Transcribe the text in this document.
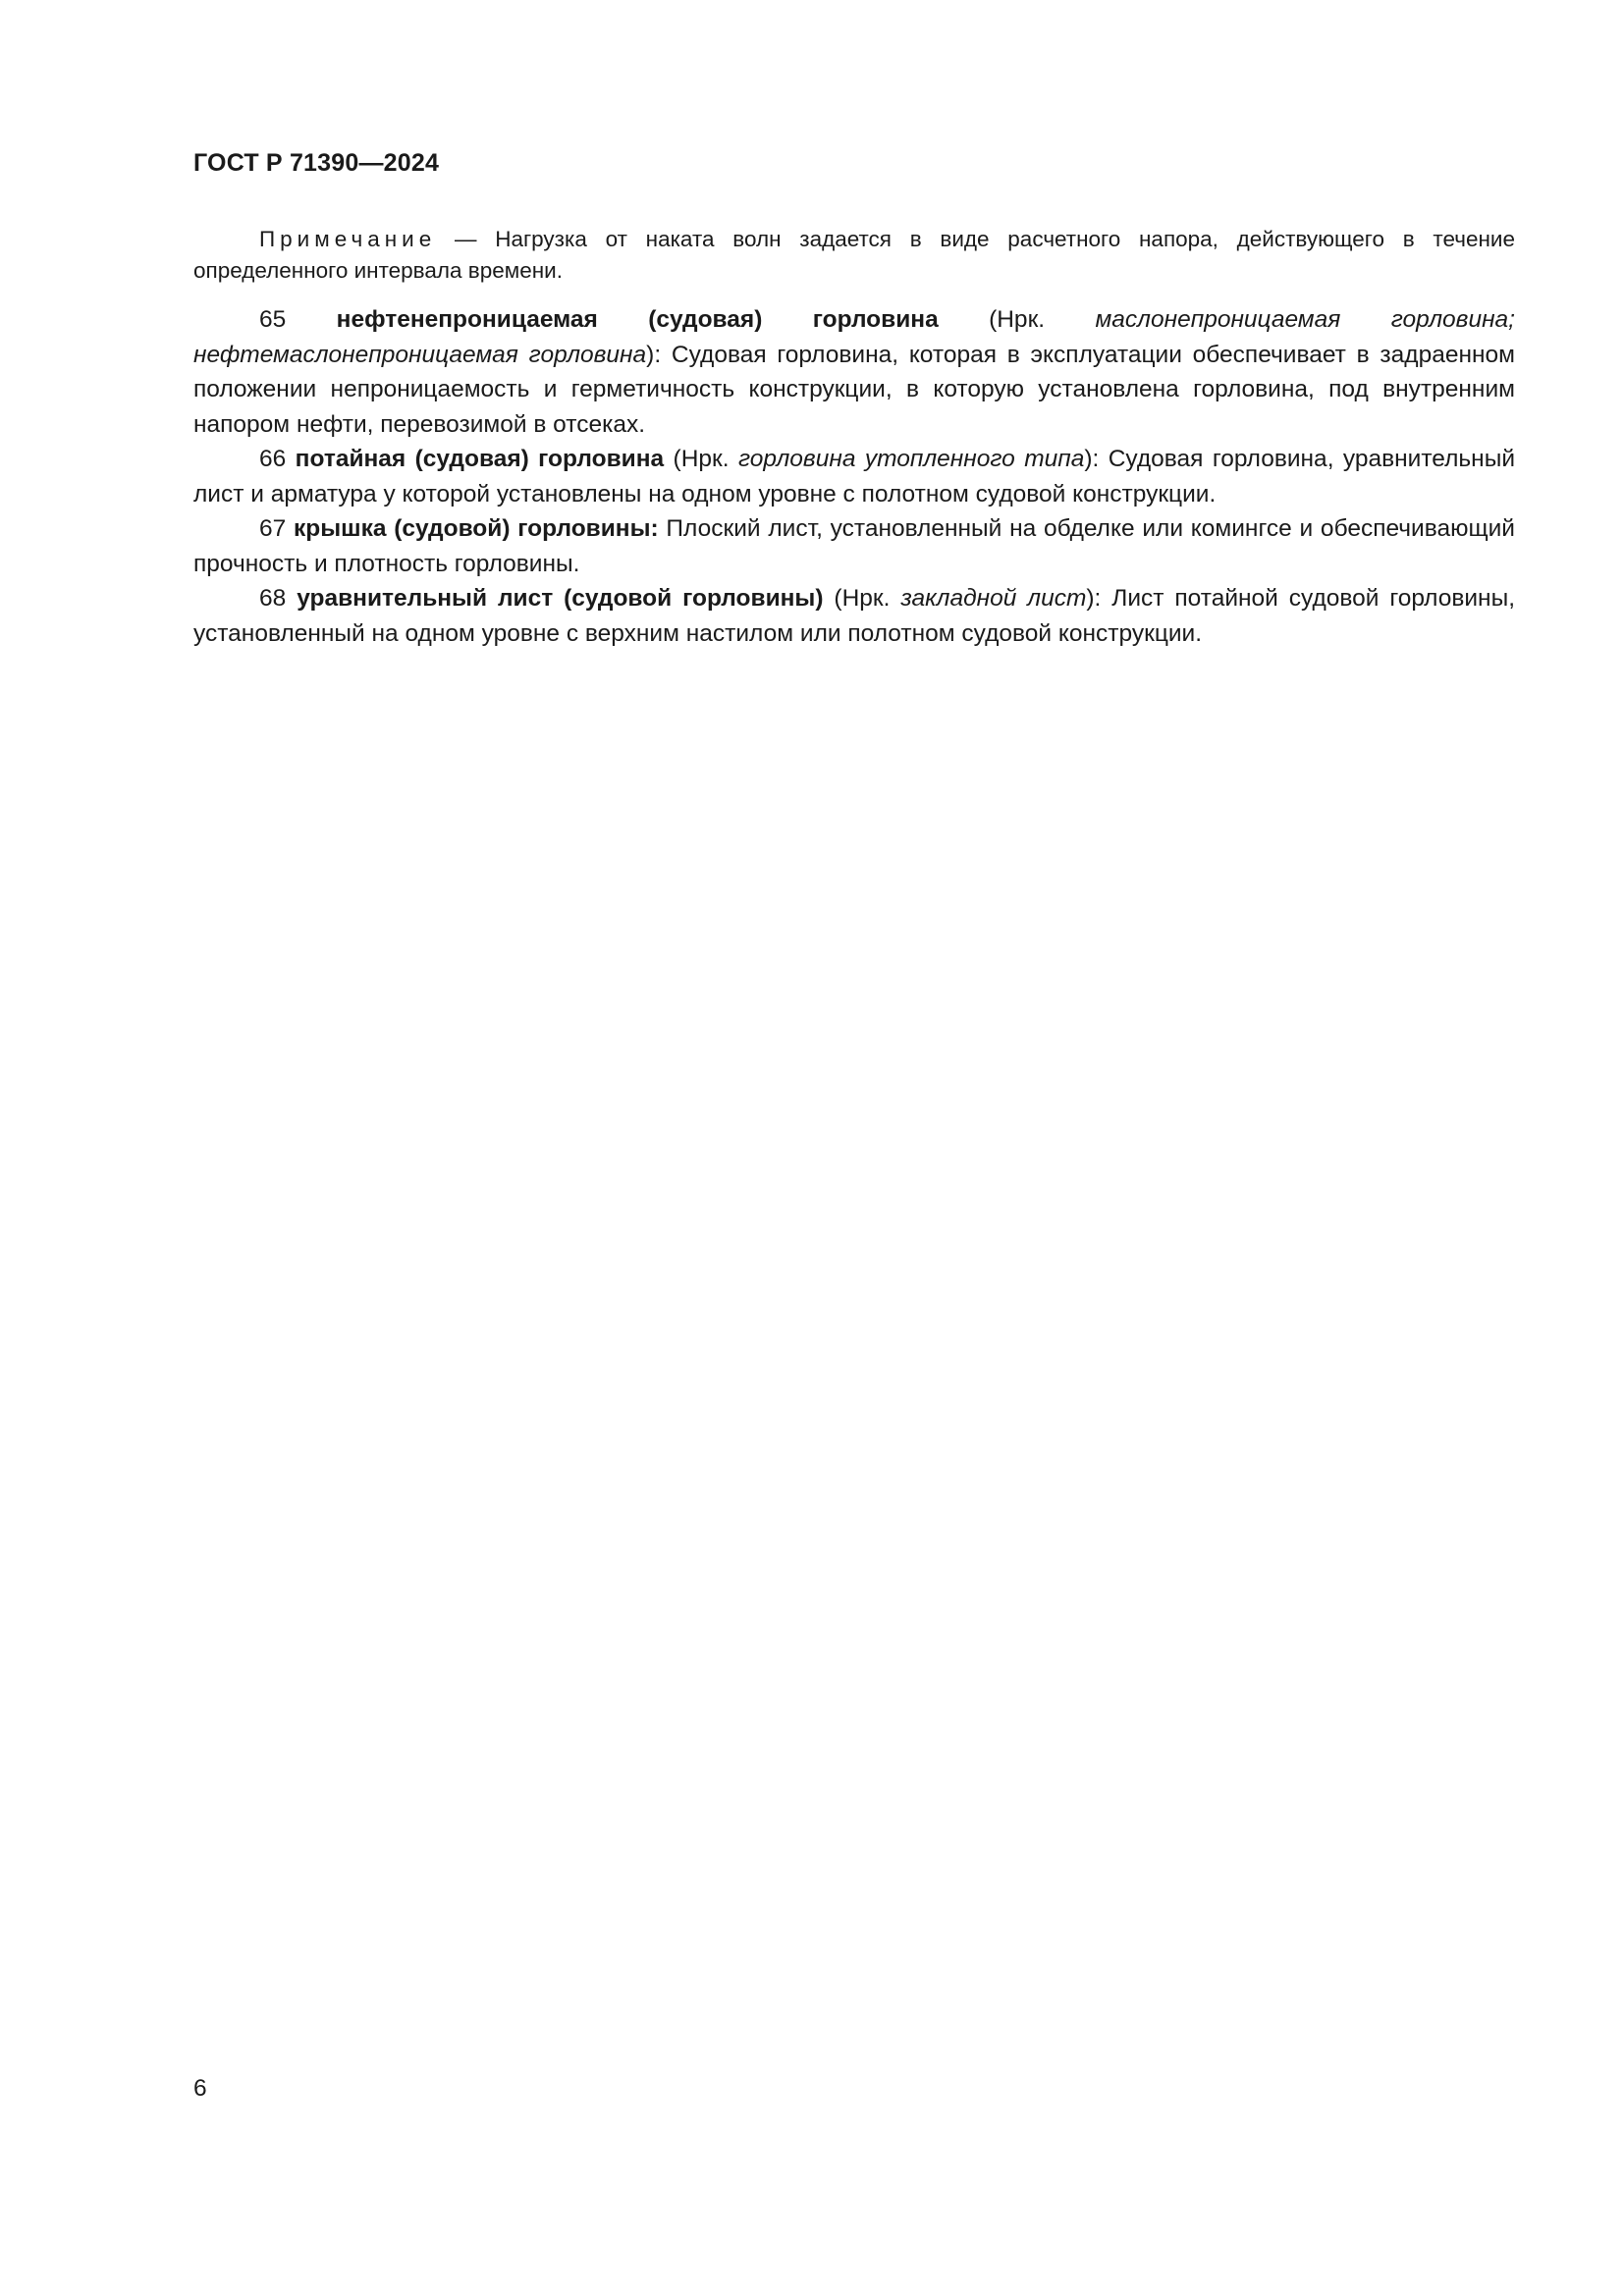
ГОСТ Р 71390—2024

Примечание — Нагрузка от наката волн задается в виде расчетного напора, действующего в течение определенного интервала времени.

65 нефтенепроницаемая (судовая) горловина (Нрк. маслонепроницаемая горловина; нефтемаслонепроницаемая горловина): Судовая горловина, которая в эксплуатации обеспечивает в задраенном положении непроницаемость и герметичность конструкции, в которую установлена горловина, под внутренним напором нефти, перевозимой в отсеках.

66 потайная (судовая) горловина (Нрк. горловина утопленного типа): Судовая горловина, уравнительный лист и арматура у которой установлены на одном уровне с полотном судовой конструкции.

67 крышка (судовой) горловины: Плоский лист, установленный на обделке или комингсе и обеспечивающий прочность и плотность горловины.

68 уравнительный лист (судовой горловины) (Нрк. закладной лист): Лист потайной судовой горловины, установленный на одном уровне с верхним настилом или полотном судовой конструкции.

6
